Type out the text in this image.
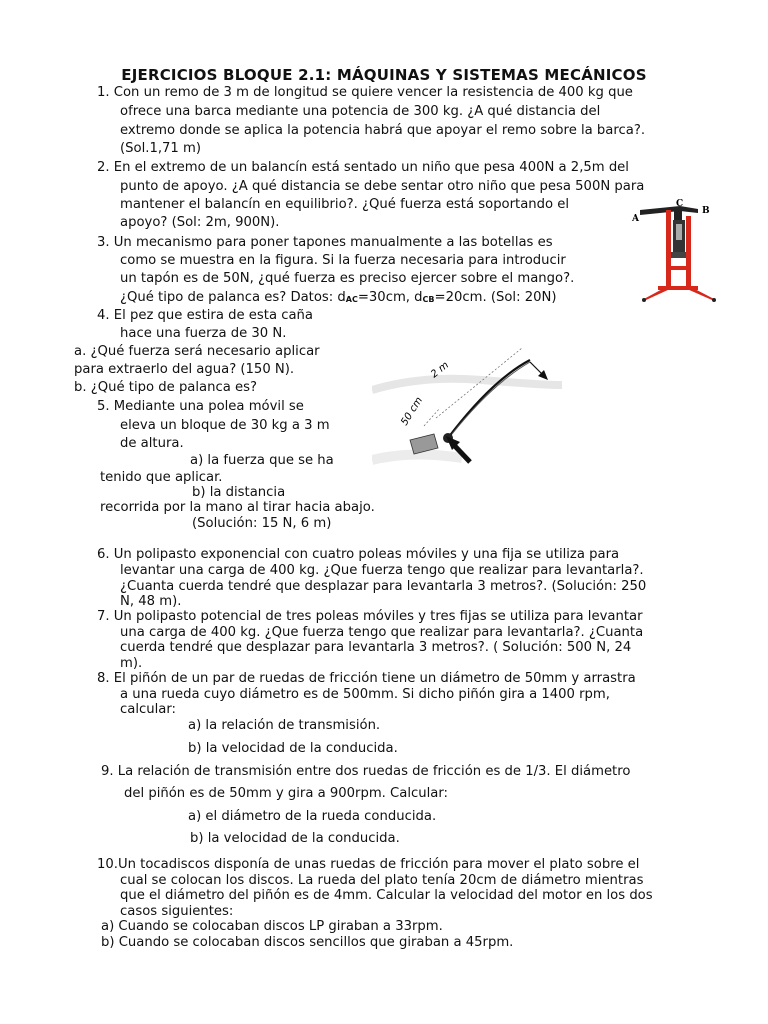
EJERCICIOS BLOQUE 2.1: MÁQUINAS Y SISTEMAS MECÁNICOS
1. Con un remo de 3 m de longitud se quiere vencer la resistencia de 400 kg que
ofrece una barca mediante una potencia de 300 kg. ¿A qué distancia del
extremo donde se aplica la potencia habrá que apoyar el remo sobre la barca?.
(Sol.1,71 m)
2. En el extremo de un balancín está sentado un niño que pesa 400N a 2,5m del
punto de apoyo. ¿A qué distancia se debe sentar otro niño que pesa 500N para
mantener el balancín en equilibrio?. ¿Qué fuerza está soportando el
apoyo? (Sol: 2m, 900N).
3. Un mecanismo para poner tapones manualmente a las botellas es
como se muestra en la figura. Si la fuerza necesaria para introducir
un tapón es de 50N, ¿qué fuerza es preciso ejercer sobre el mango?.
¿Qué tipo de palanca es? Datos: $d_{AC}=30cm$, $d_{CB}=20cm$. (Sol: 20N)
4. El pez que estira de esta caña
hace una fuerza de 30 N.
a. ¿Qué fuerza será necesario aplicar
para extraerlo del agua? (150 N).
b. ¿Qué tipo de palanca es?
5. Mediante una polea móvil se
eleva un bloque de 30 kg a 3 m
de altura.
a) la fuerza que se ha
tenido que aplicar.
b) la distancia
recorrida por la mano al tirar hacia abajo.
(Solución: 15 N, 6 m)
6. Un polipasto exponencial con cuatro poleas móviles y una fija se utiliza para
levantar una carga de 400 kg. ¿Que fuerza tengo que realizar para levantarla?.
¿Cuanta cuerda tendré que desplazar para levantarla 3 metros?. (Solución: 250
N, 48 m).
7. Un polipasto potencial de tres poleas móviles y tres fijas se utiliza para levantar
una carga de 400 kg. ¿Que fuerza tengo que realizar para levantarla?. ¿Cuanta
cuerda tendré que desplazar para levantarla 3 metros?. ( Solución: 500 N, 24
m).
8. El piñón de un par de ruedas de fricción tiene un diámetro de 50mm y arrastra
a una rueda cuyo diámetro es de 500mm. Si dicho piñón gira a 1400 rpm,
calcular:
a) la relación de transmisión.
b) la velocidad de la conducida.
9. La relación de transmisión entre dos ruedas de fricción es de 1/3. El diámetro
del piñón es de 50mm y gira a 900rpm. Calcular:
a) el diámetro de la rueda conducida.
b) la velocidad de la conducida.
10.Un tocadiscos disponía de unas ruedas de fricción para mover el plato sobre el
cual se colocan los discos. La rueda del plato tenía 20cm de diámetro mientras
que el diámetro del piñón es de 4mm. Calcular la velocidad del motor en los dos
casos siguientes:
a) Cuando se colocaban discos LP giraban a 33rpm.
b) Cuando se colocaban discos sencillos que giraban a 45rpm.
A
C
B
2 m
50 cm
